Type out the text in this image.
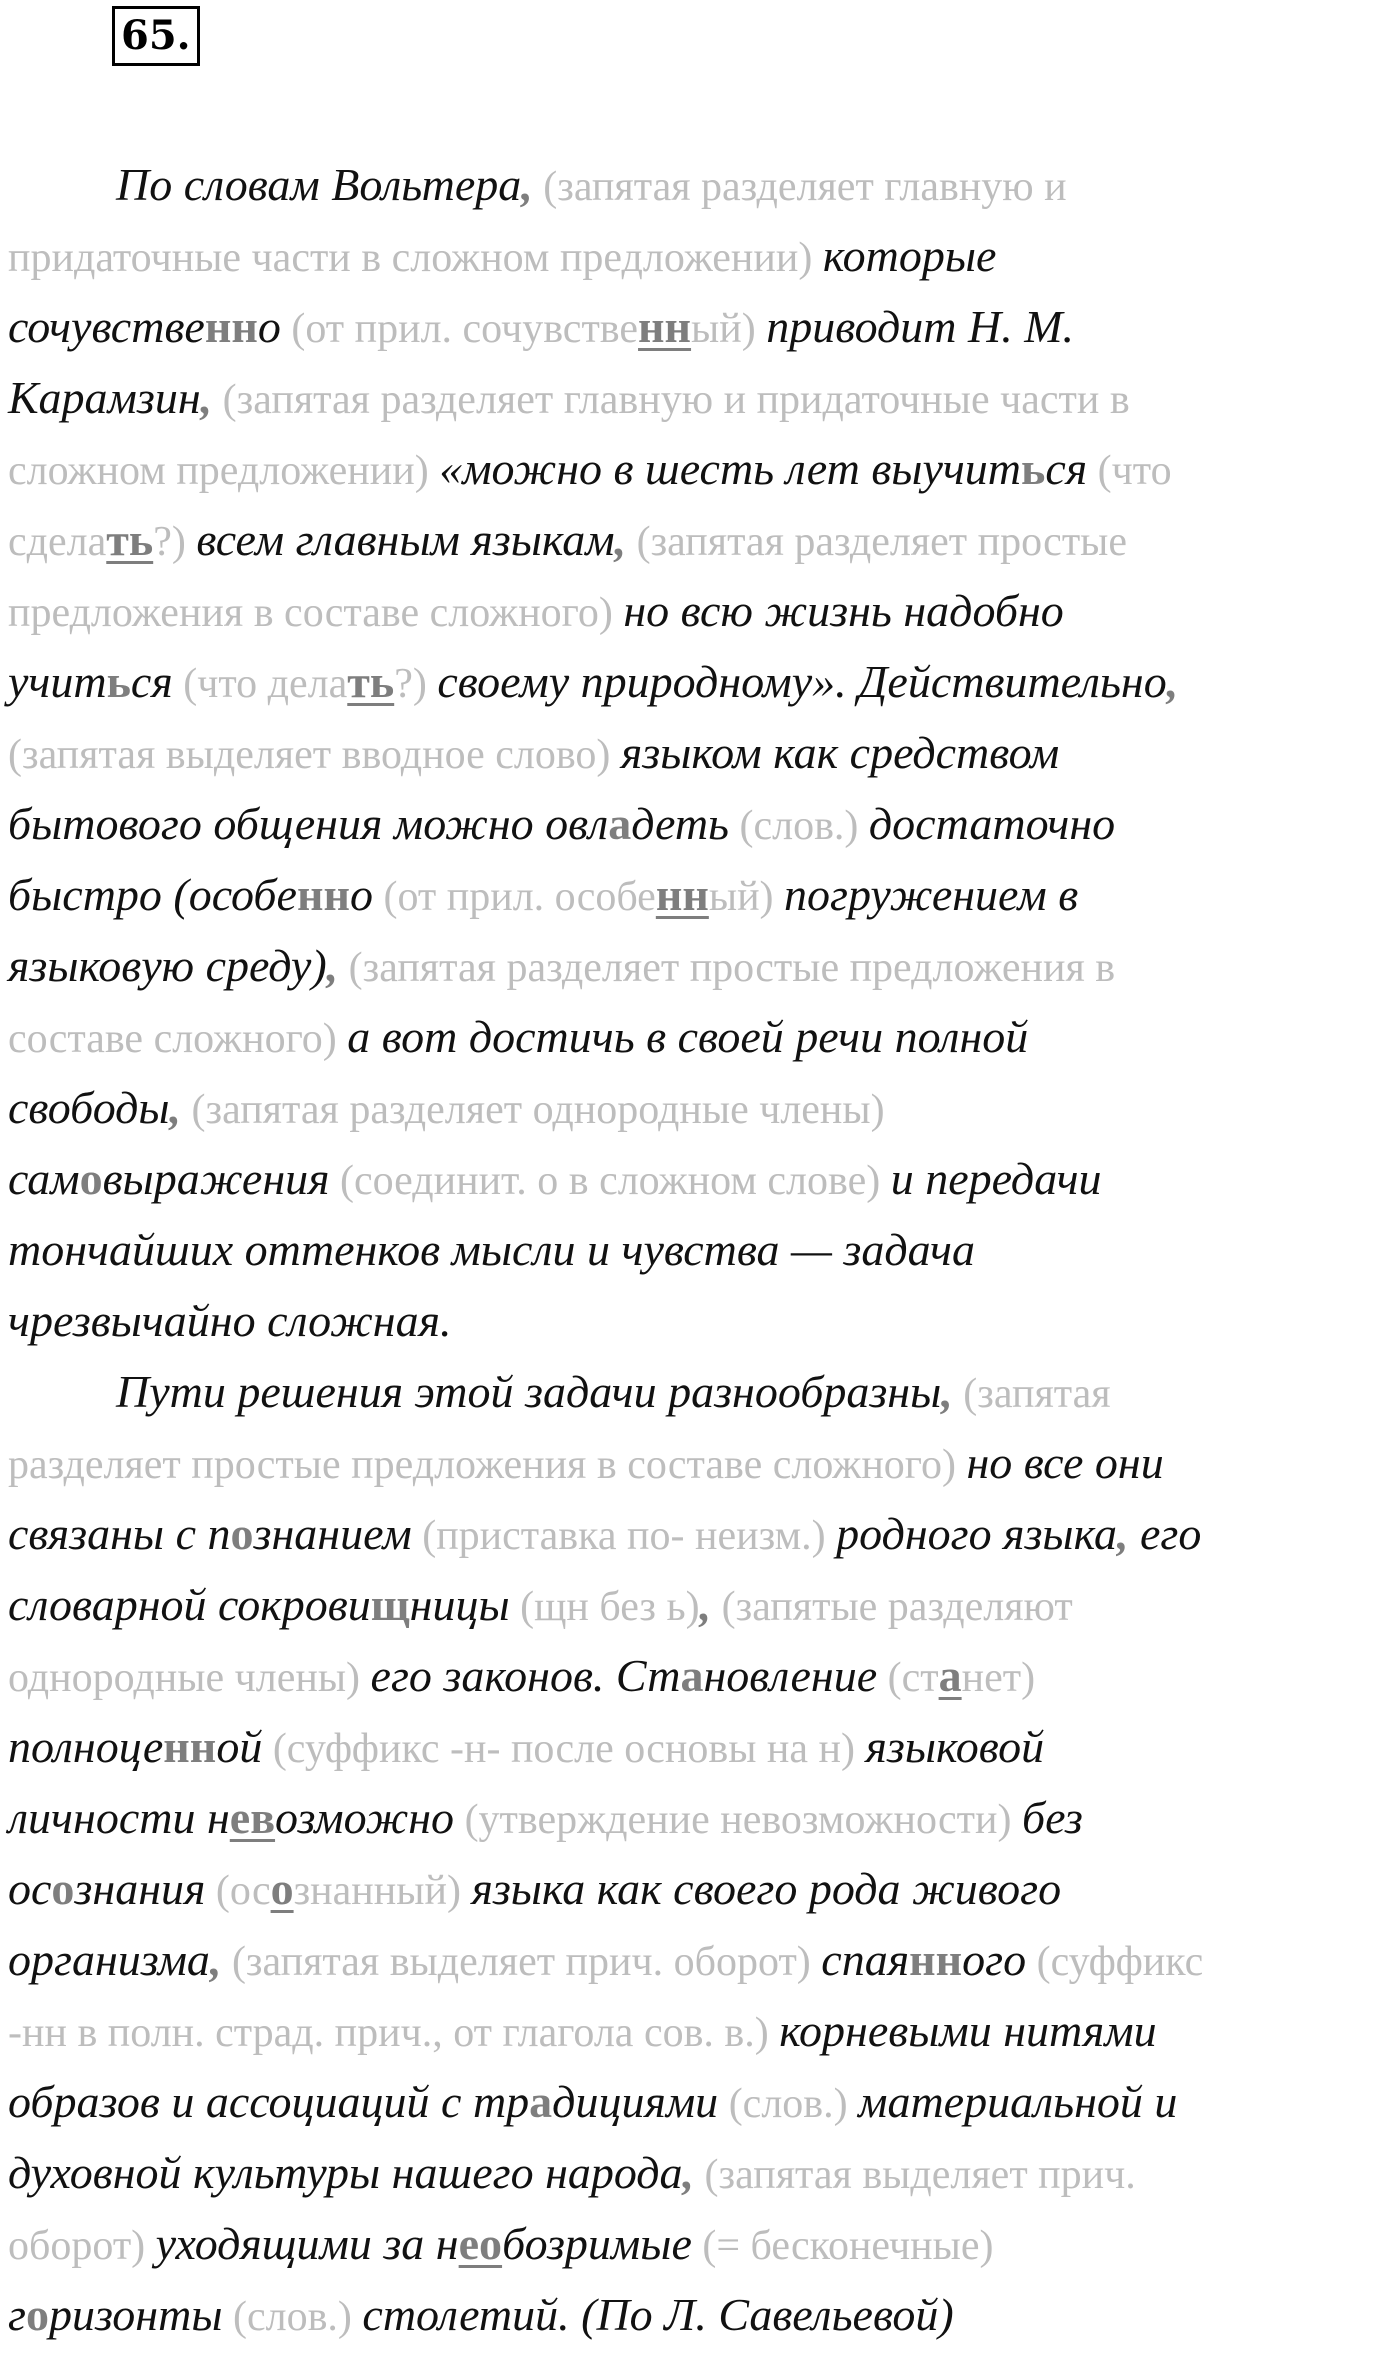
65.
По словам Вольтера, (запятая разделяет главную и
придаточные части в сложном предложении) которые
сочувственно (от прил. сочувственный) приводит Н. М.
Карамзин, (запятая разделяет главную и придаточные части в
сложном предложении) «можно в шесть лет выучиться (что
сделать?) всем главным языкам, (запятая разделяет простые
предложения в составе сложного) но всю жизнь надобно
учиться (что делать?) своему природному». Действительно,
(запятая выделяет вводное слово) языком как средством
бытового общения можно овладеть (слов.) достаточно
быстро (особенно (от прил. особенный) погружением в
языковую среду), (запятая разделяет простые предложения в
составе сложного) а вот достичь в своей речи полной
свободы, (запятая разделяет однородные члены)
самовыражения (соединит. о в сложном слове) и передачи
тончайших оттенков мысли и чувства — задача
чрезвычайно сложная.
Пути решения этой задачи разнообразны, (запятая
разделяет простые предложения в составе сложного) но все они
связаны с познанием (приставка по- неизм.) родного языка, его
словарной сокровищницы (щн без ь), (запятые разделяют
однородные члены) его законов. Становление (станет)
полноценной (суффикс -н- после основы на н) языковой
личности невозможно (утверждение невозможности) без
осознания (осознанный) языка как своего рода живого
организма, (запятая выделяет прич. оборот) спаянного (суффикс
-нн в полн. страд. прич., от глагола сов. в.) корневыми нитями
образов и ассоциаций с традициями (слов.) материальной и
духовной культуры нашего народа, (запятая выделяет прич.
оборот) уходящими за необозримые (= бесконечные)
горизонты (слов.) столетий. (По Л. Савельевой)
